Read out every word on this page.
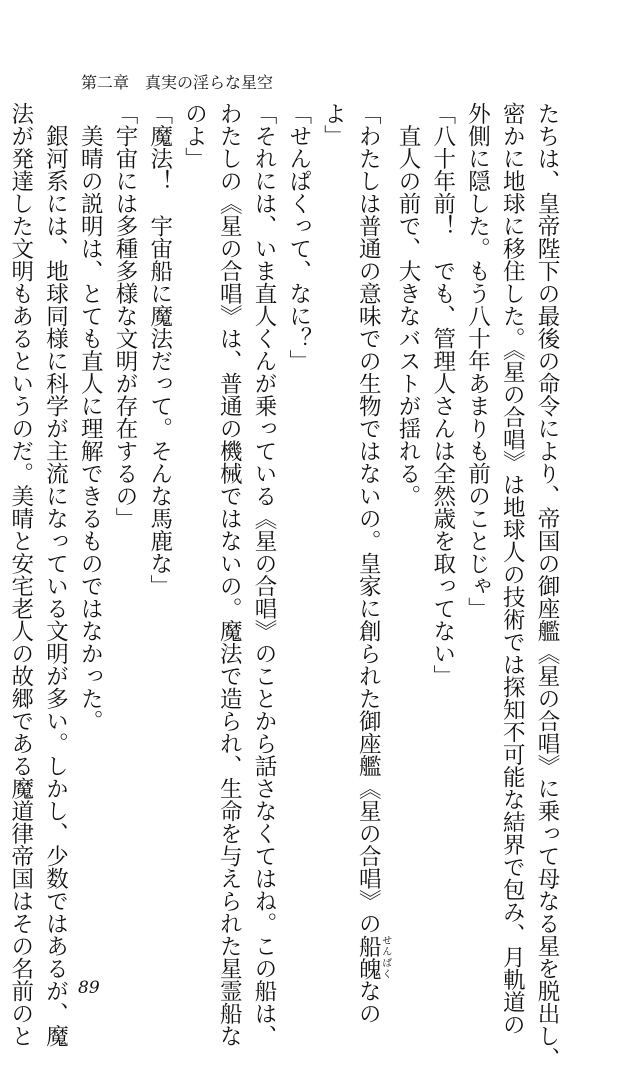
第二章　真実の淫らな星空
たちは、皇帝陛下の最後の命令により、帝国の御座艦《星の合唱》に乗って母なる星を脱出し、
密かに地球に移住した。《星の合唱》は地球人の技術では探知不可能な結界で包み、月軌道の
外側に隠した。もう八十年あまりも前のことじゃ」
「八十年前！　でも、管理人さんは全然歳を取ってない」
　直人の前で、大きなバストが揺れる。
「わたしは普通の意味での生物ではないの。皇家に創られた御座艦《星の合唱》の船魄せんぱくなの
よ」
「せんぱくって、なに？」
「それには、いま直人くんが乗っている《星の合唱》のことから話さなくてはね。この船は、
わたしの《星の合唱》は、普通の機械ではないの。魔法で造られ、生命を与えられた星霊船な
のよ」
「魔法！　宇宙船に魔法だって。そんな馬鹿な」
「宇宙には多種多様な文明が存在するの」
　美晴の説明は、とても直人に理解できるものではなかった。
　銀河系には、地球同様に科学が主流になっている文明が多い。しかし、少数ではあるが、魔
法が発達した文明もあるというのだ。美晴と安宅老人の故郷である魔道律帝国はその名前のと	89
